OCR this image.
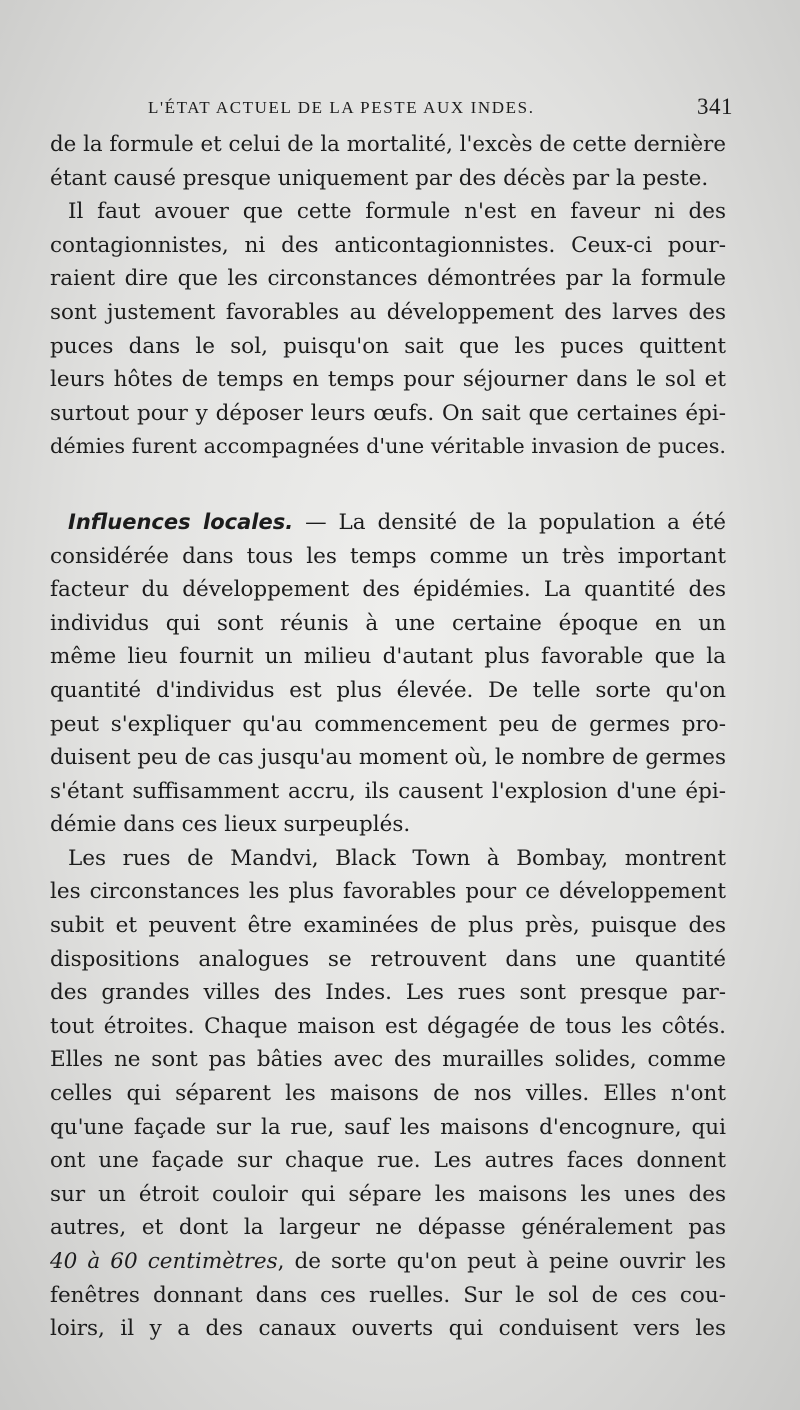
L'ÉTAT ACTUEL DE LA PESTE AUX INDES.	341
de la formule et celui de la mortalité, l'excès de cette dernière
étant causé presque uniquement par des décès par la peste.
Il faut avouer que cette formule n'est en faveur ni des
contagionnistes, ni des anticontagionnistes. Ceux-ci pour-
raient dire que les circonstances démontrées par la formule
sont justement favorables au développement des larves des
puces dans le sol, puisqu'on sait que les puces quittent
leurs hôtes de temps en temps pour séjourner dans le sol et
surtout pour y déposer leurs œufs. On sait que certaines épi-
démies furent accompagnées d'une véritable invasion de puces.
Influences locales. — La densité de la population a été
considérée dans tous les temps comme un très important
facteur du développement des épidémies. La quantité des
individus qui sont réunis à une certaine époque en un
même lieu fournit un milieu d'autant plus favorable que la
quantité d'individus est plus élevée. De telle sorte qu'on
peut s'expliquer qu'au commencement peu de germes pro-
duisent peu de cas jusqu'au moment où, le nombre de germes
s'étant suffisamment accru, ils causent l'explosion d'une épi-
démie dans ces lieux surpeuplés.
Les rues de Mandvi, Black Town à Bombay, montrent
les circonstances les plus favorables pour ce développement
subit et peuvent être examinées de plus près, puisque des
dispositions analogues se retrouvent dans une quantité
des grandes villes des Indes. Les rues sont presque par-
tout étroites. Chaque maison est dégagée de tous les côtés.
Elles ne sont pas bâties avec des murailles solides, comme
celles qui séparent les maisons de nos villes. Elles n'ont
qu'une façade sur la rue, sauf les maisons d'encognure, qui
ont une façade sur chaque rue. Les autres faces donnent
sur un étroit couloir qui sépare les maisons les unes des
autres, et dont la largeur ne dépasse généralement pas
40 à 60 centimètres, de sorte qu'on peut à peine ouvrir les
fenêtres donnant dans ces ruelles. Sur le sol de ces cou-
loirs, il y a des canaux ouverts qui conduisent vers les
